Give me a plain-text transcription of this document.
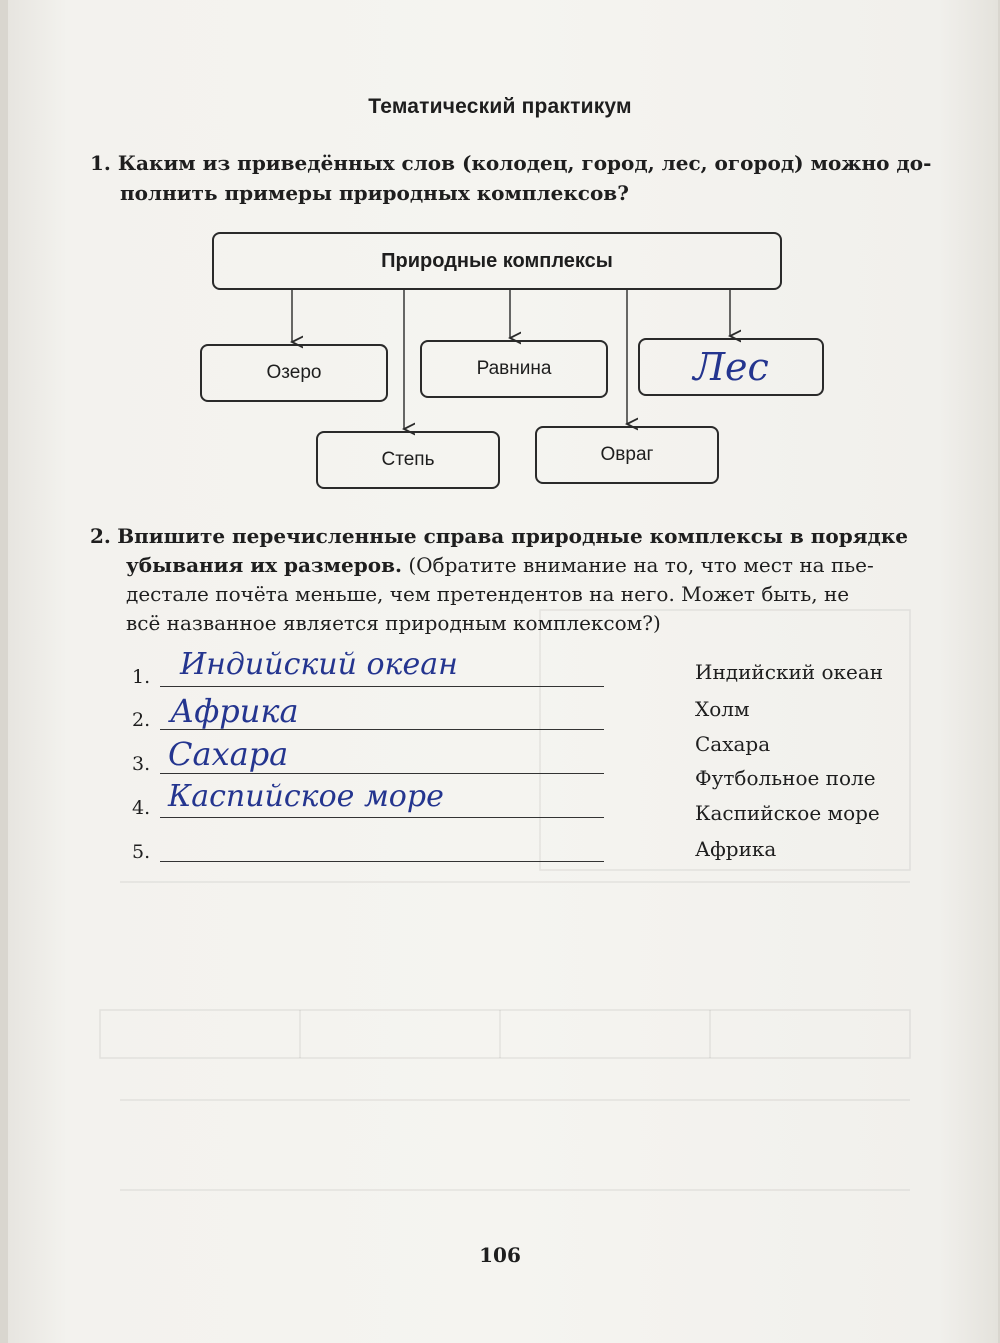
Тематический практикум
1. Каким из приведённых слов (колодец, город, лес, огород) можно до-
полнить примеры природных комплексов?
Природные комплексы
Озеро	Равнина	Лес
Степь	Овраг
2. Впишите перечисленные справа природные комплексы в порядке
убывания их размеров. (Обратите внимание на то, что мест на пье-
дестале почёта меньше, чем претендентов на него. Может быть, не
всё названное является природным комплексом?)
1. Индийский океан
2. Африка
3. Сахара
4. Каспийское море
5.
Индийский океан
Холм
Сахара
Футбольное поле
Каспийское море
Африка
106
